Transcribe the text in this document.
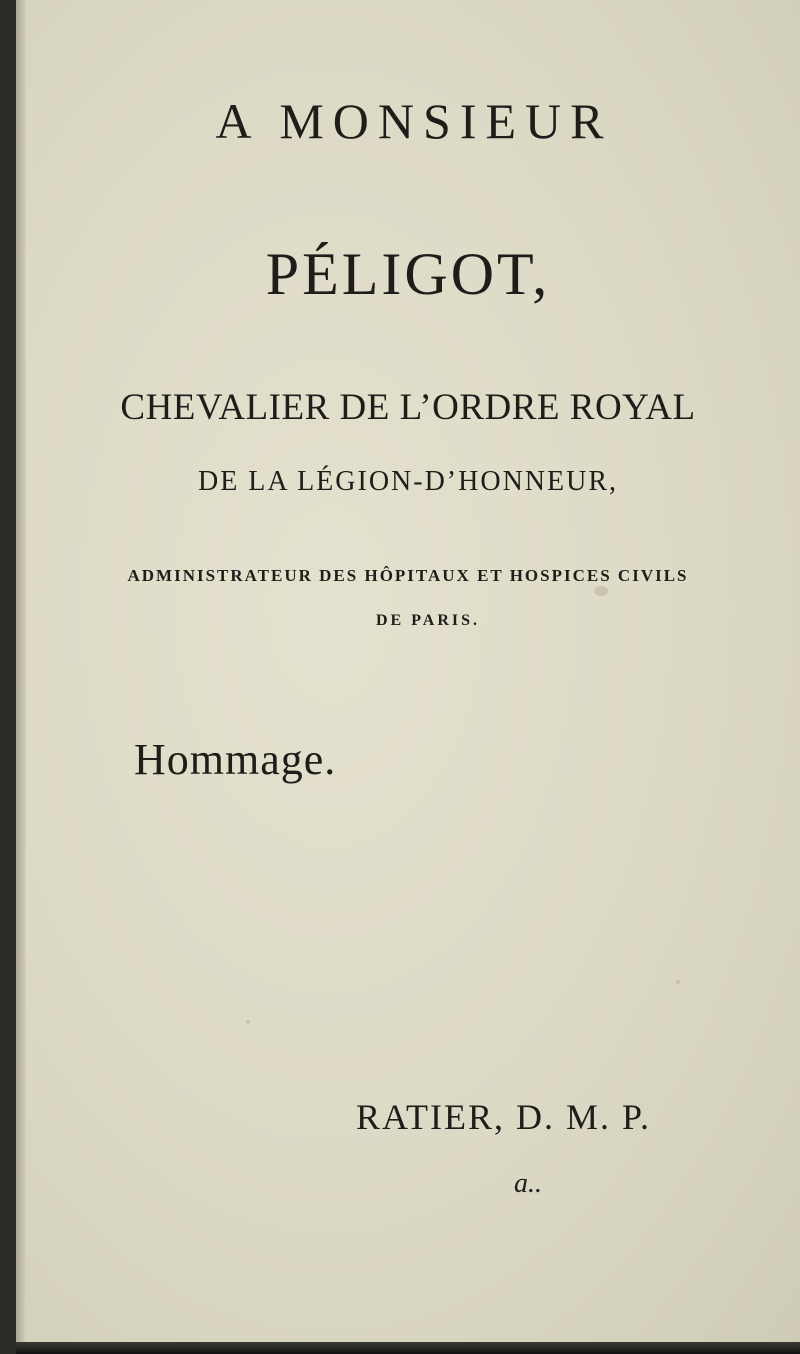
A MONSIEUR
PÉLIGOT,
CHEVALIER DE L’ORDRE ROYAL
DE LA LÉGION-D’HONNEUR,
ADMINISTRATEUR DES HÔPITAUX ET HOSPICES CIVILS
DE PARIS.
Hommage.
RATIER, D. M. P.
a..
